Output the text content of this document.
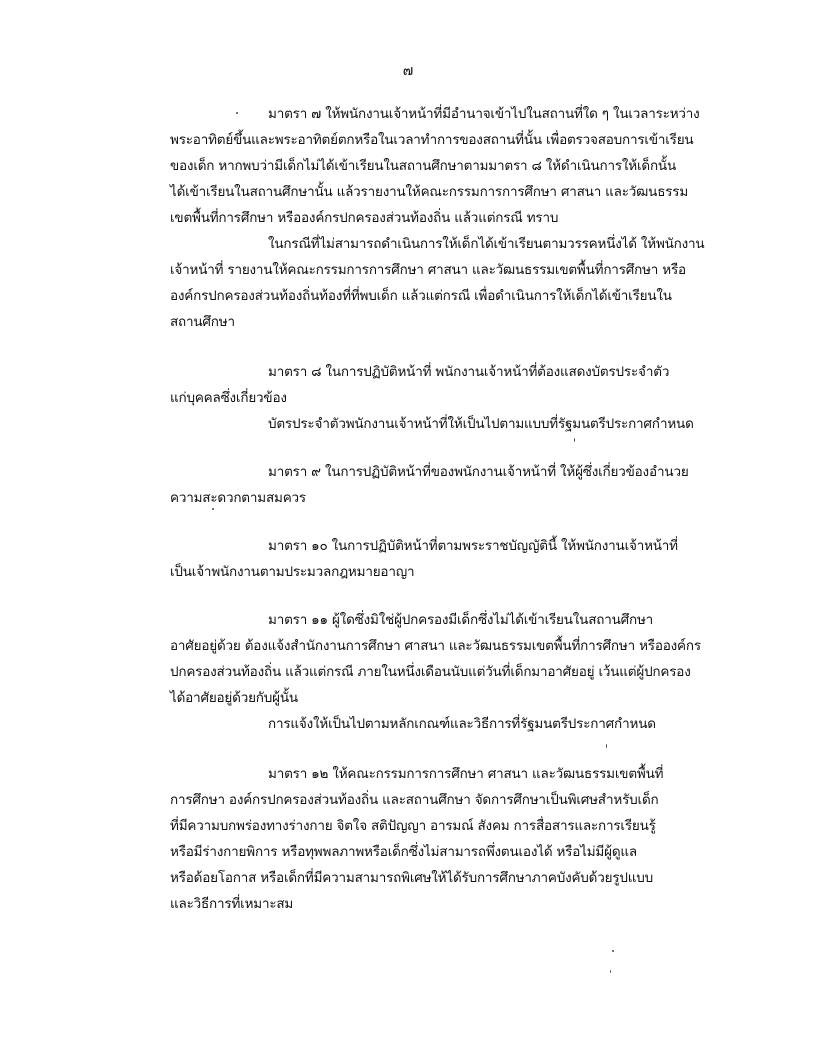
๗
มาตรา ๗ ให้พนักงานเจ้าหน้าที่มีอำนาจเข้าไปในสถานที่ใด ๆ ในเวลาระหว่าง
พระอาทิตย์ขึ้นและพระอาทิตย์ตกหรือในเวลาทำการของสถานที่นั้น เพื่อตรวจสอบการเข้าเรียน
ของเด็ก หากพบว่ามีเด็กไม่ได้เข้าเรียนในสถานศึกษาตามมาตรา ๘ ให้ดำเนินการให้เด็กนั้น
ได้เข้าเรียนในสถานศึกษานั้น แล้วรายงานให้คณะกรรมการการศึกษา ศาสนา และวัฒนธรรม
เขตพื้นที่การศึกษา หรือองค์กรปกครองส่วนท้องถิ่น แล้วแต่กรณี ทราบ
ในกรณีที่ไม่สามารถดำเนินการให้เด็กได้เข้าเรียนตามวรรคหนึ่งได้ ให้พนักงาน
เจ้าหน้าที่ รายงานให้คณะกรรมการการศึกษา ศาสนา และวัฒนธรรมเขตพื้นที่การศึกษา หรือ
องค์กรปกครองส่วนท้องถิ่นท้องที่ที่พบเด็ก แล้วแต่กรณี เพื่อดำเนินการให้เด็กได้เข้าเรียนใน
สถานศึกษา
มาตรา ๘ ในการปฏิบัติหน้าที่ พนักงานเจ้าหน้าที่ต้องแสดงบัตรประจำตัว
แก่บุคคลซึ่งเกี่ยวข้อง
บัตรประจำตัวพนักงานเจ้าหน้าที่ให้เป็นไปตามแบบที่รัฐมนตรีประกาศกำหนด
มาตรา ๙ ในการปฏิบัติหน้าที่ของพนักงานเจ้าหน้าที่ ให้ผู้ซึ่งเกี่ยวข้องอำนวย
ความสะดวกตามสมควร
มาตรา ๑๐ ในการปฏิบัติหน้าที่ตามพระราชบัญญัตินี้ ให้พนักงานเจ้าหน้าที่
เป็นเจ้าพนักงานตามประมวลกฎหมายอาญา
มาตรา ๑๑ ผู้ใดซึ่งมิใช่ผู้ปกครองมีเด็กซึ่งไม่ได้เข้าเรียนในสถานศึกษา
อาศัยอยู่ด้วย ต้องแจ้งสำนักงานการศึกษา ศาสนา และวัฒนธรรมเขตพื้นที่การศึกษา หรือองค์กร
ปกครองส่วนท้องถิ่น แล้วแต่กรณี ภายในหนึ่งเดือนนับแต่วันที่เด็กมาอาศัยอยู่ เว้นแต่ผู้ปกครอง
ได้อาศัยอยู่ด้วยกับผู้นั้น
การแจ้งให้เป็นไปตามหลักเกณฑ์และวิธีการที่รัฐมนตรีประกาศกำหนด
มาตรา ๑๒ ให้คณะกรรมการการศึกษา ศาสนา และวัฒนธรรมเขตพื้นที่
การศึกษา องค์กรปกครองส่วนท้องถิ่น และสถานศึกษา จัดการศึกษาเป็นพิเศษสำหรับเด็ก
ที่มีความบกพร่องทางร่างกาย จิตใจ สติปัญญา อารมณ์ สังคม การสื่อสารและการเรียนรู้
หรือมีร่างกายพิการ หรือทุพพลภาพหรือเด็กซึ่งไม่สามารถพึ่งตนเองได้ หรือไม่มีผู้ดูแล
หรือด้อยโอกาส หรือเด็กที่มีความสามารถพิเศษให้ได้รับการศึกษาภาคบังคับด้วยรูปแบบ
และวิธีการที่เหมาะสม
